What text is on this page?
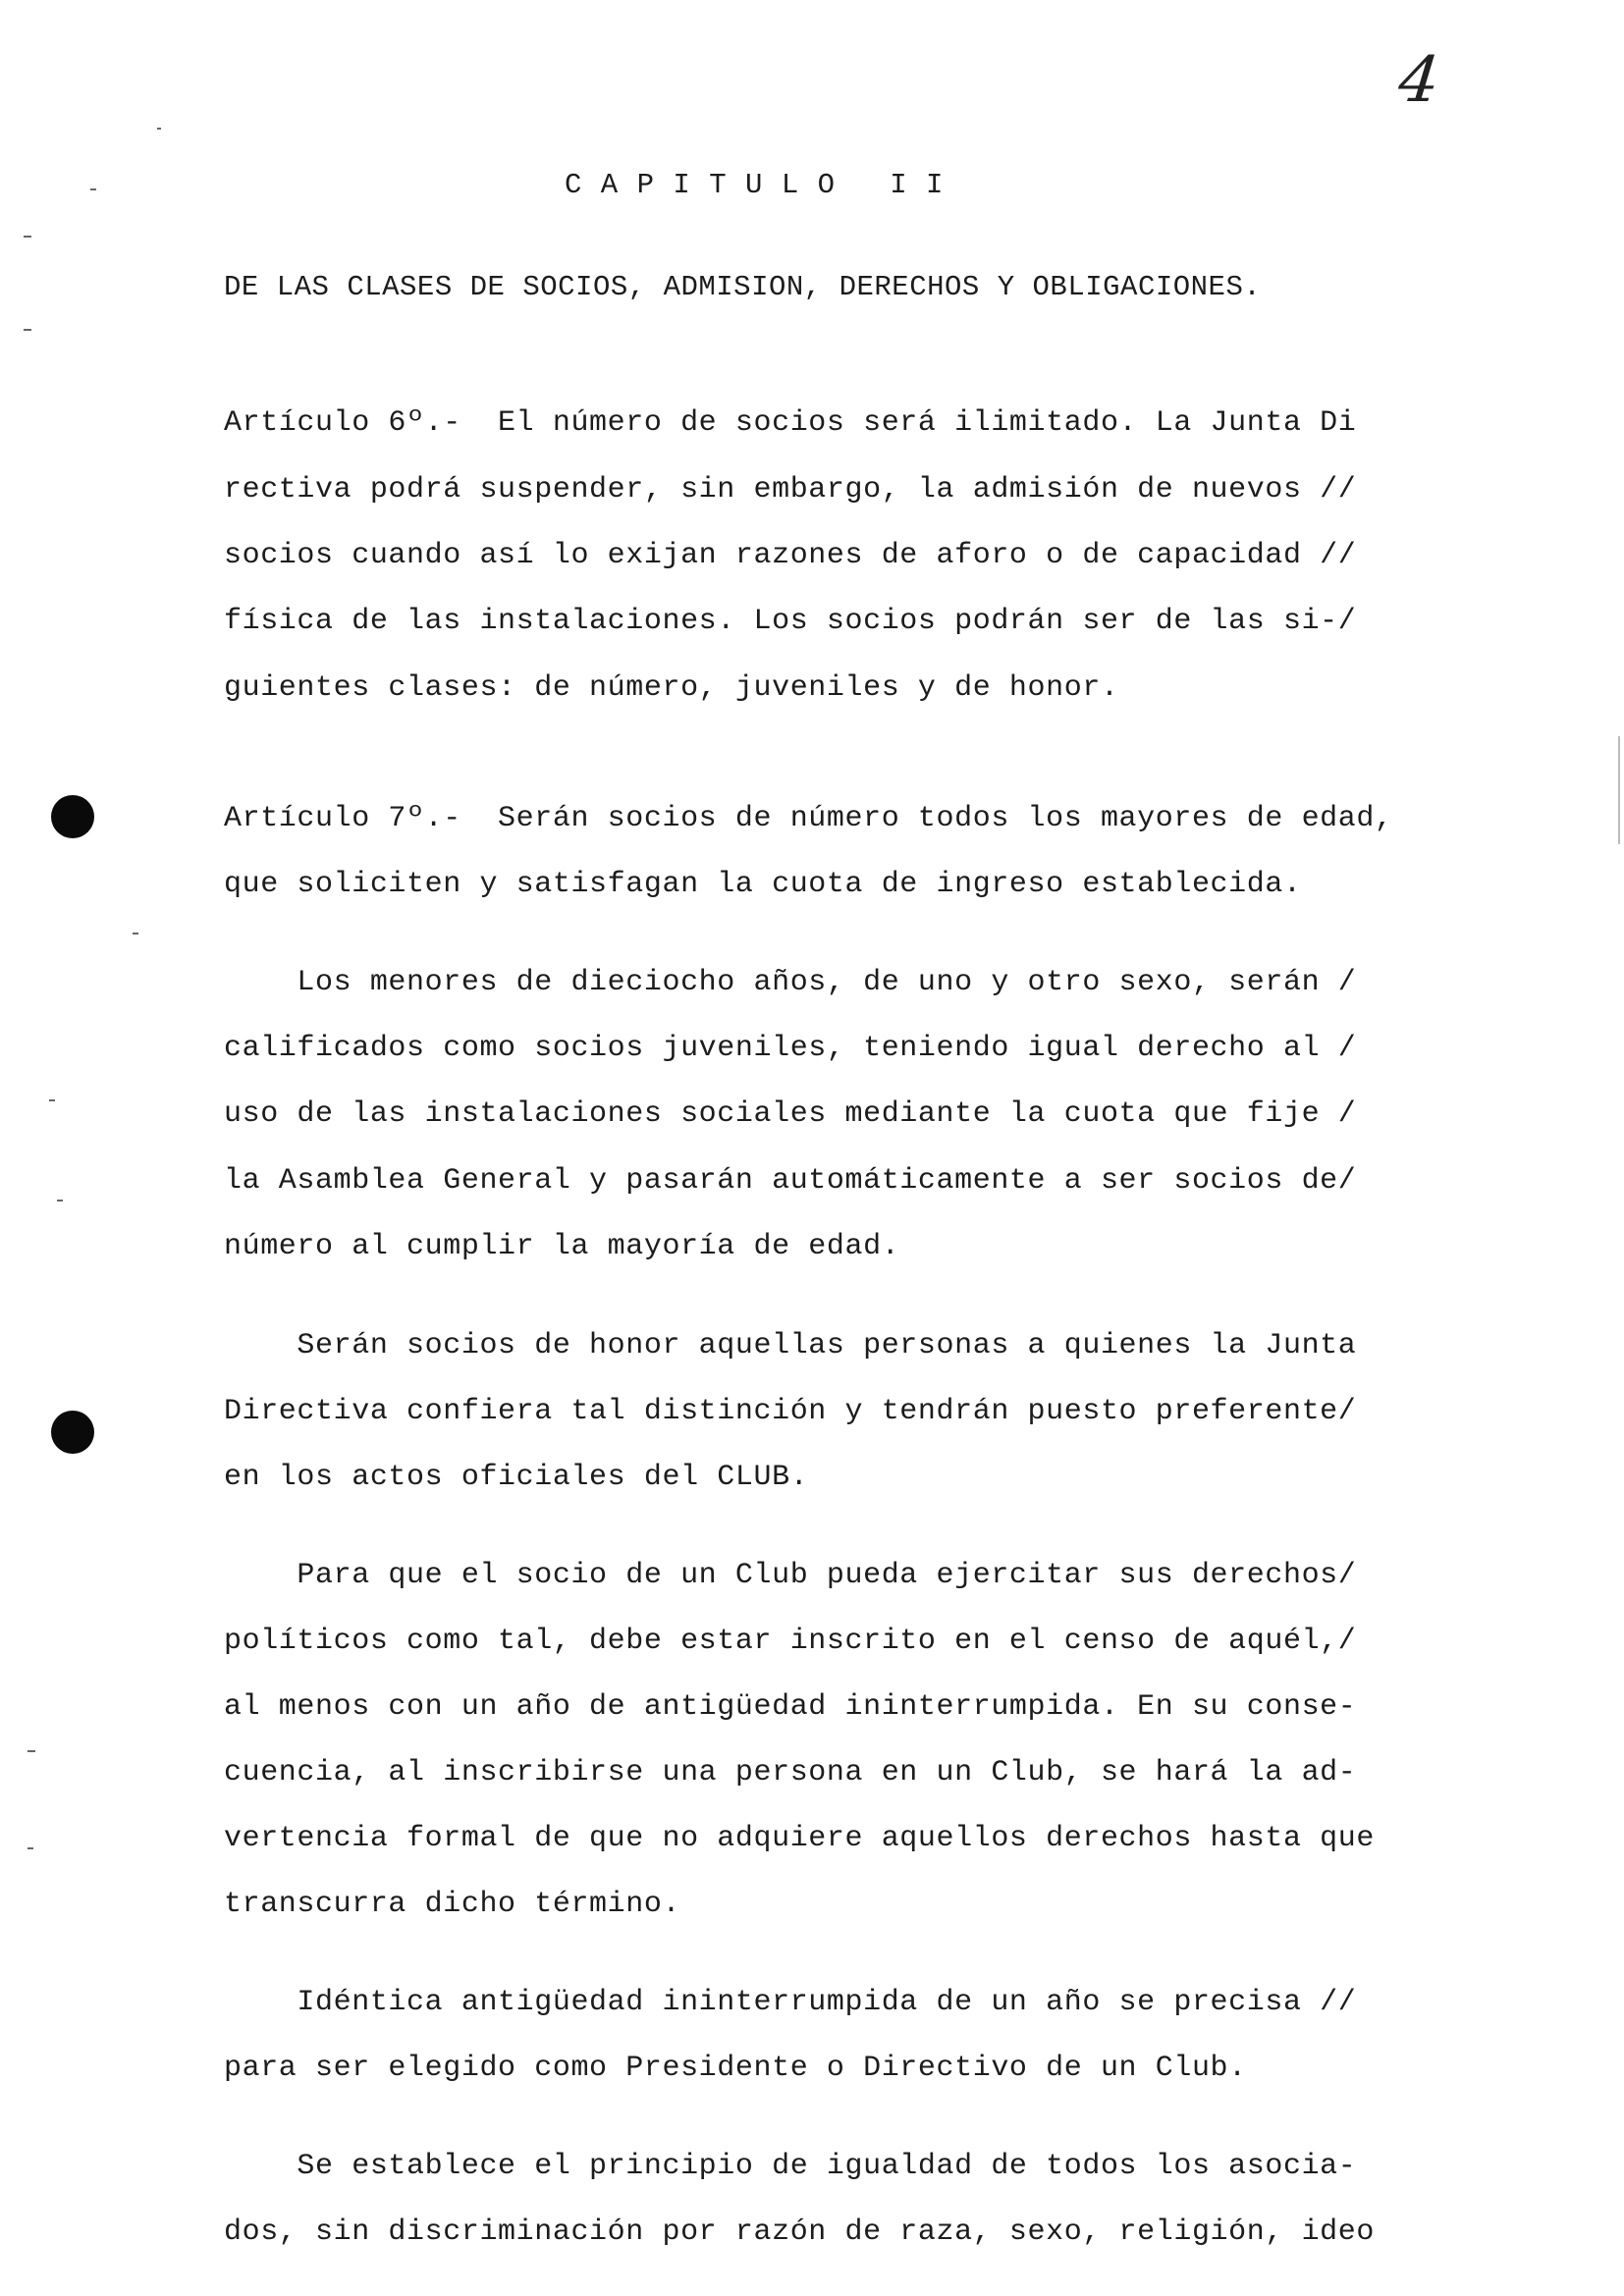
4
C A P I T U L O   I I
DE LAS CLASES DE SOCIOS, ADMISION, DERECHOS Y OBLIGACIONES.
Artículo 6º.-  El número de socios será ilimitado. La Junta Di
rectiva podrá suspender, sin embargo, la admisión de nuevos //
socios cuando así lo exijan razones de aforo o de capacidad //
física de las instalaciones. Los socios podrán ser de las si-/
guientes clases: de número, juveniles y de honor.
Artículo 7º.-  Serán socios de número todos los mayores de edad,
que soliciten y satisfagan la cuota de ingreso establecida.
Los menores de dieciocho años, de uno y otro sexo, serán /
calificados como socios juveniles, teniendo igual derecho al /
uso de las instalaciones sociales mediante la cuota que fije /
la Asamblea General y pasarán automáticamente a ser socios de/
número al cumplir la mayoría de edad.
Serán socios de honor aquellas personas a quienes la Junta
Directiva confiera tal distinción y tendrán puesto preferente/
en los actos oficiales del CLUB.
Para que el socio de un Club pueda ejercitar sus derechos/
políticos como tal, debe estar inscrito en el censo de aquél,/
al menos con un año de antigüedad ininterrumpida. En su conse-
cuencia, al inscribirse una persona en un Club, se hará la ad-
vertencia formal de que no adquiere aquellos derechos hasta que
transcurra dicho término.
Idéntica antigüedad ininterrumpida de un año se precisa //
para ser elegido como Presidente o Directivo de un Club.
Se establece el principio de igualdad de todos los asocia-
dos, sin discriminación por razón de raza, sexo, religión, ideo
